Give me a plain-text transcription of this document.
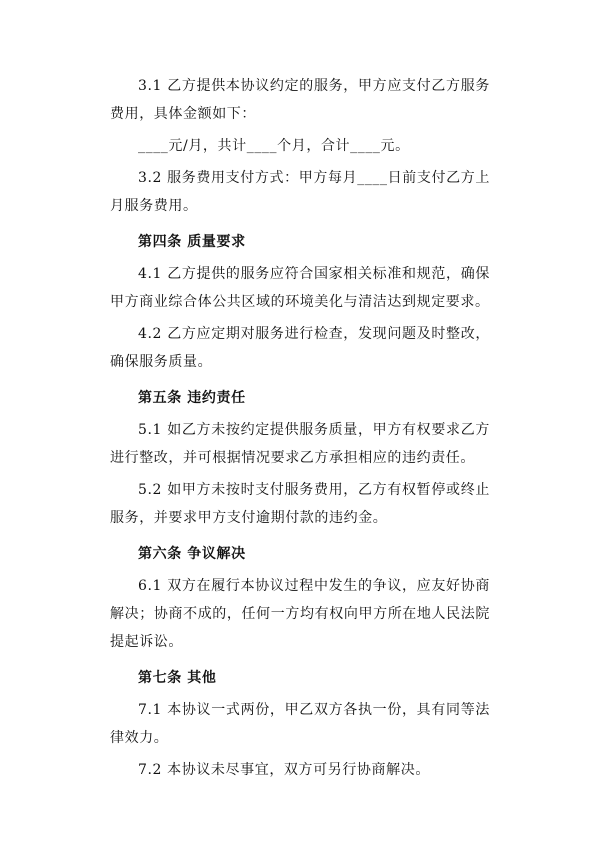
3.1 乙方提供本协议约定的服务，甲方应支付乙方服务费用，具体金额如下：

____元/月，共计____个月，合计____元。

3.2 服务费用支付方式：甲方每月____日前支付乙方上月服务费用。

第四条 质量要求

4.1 乙方提供的服务应符合国家相关标准和规范，确保甲方商业综合体公共区域的环境美化与清洁达到规定要求。

4.2 乙方应定期对服务进行检查，发现问题及时整改，确保服务质量。

第五条 违约责任

5.1 如乙方未按约定提供服务质量，甲方有权要求乙方进行整改，并可根据情况要求乙方承担相应的违约责任。

5.2 如甲方未按时支付服务费用，乙方有权暂停或终止服务，并要求甲方支付逾期付款的违约金。

第六条 争议解决

6.1 双方在履行本协议过程中发生的争议，应友好协商解决；协商不成的，任何一方均有权向甲方所在地人民法院提起诉讼。

第七条 其他

7.1 本协议一式两份，甲乙双方各执一份，具有同等法律效力。

7.2 本协议未尽事宜，双方可另行协商解决。
